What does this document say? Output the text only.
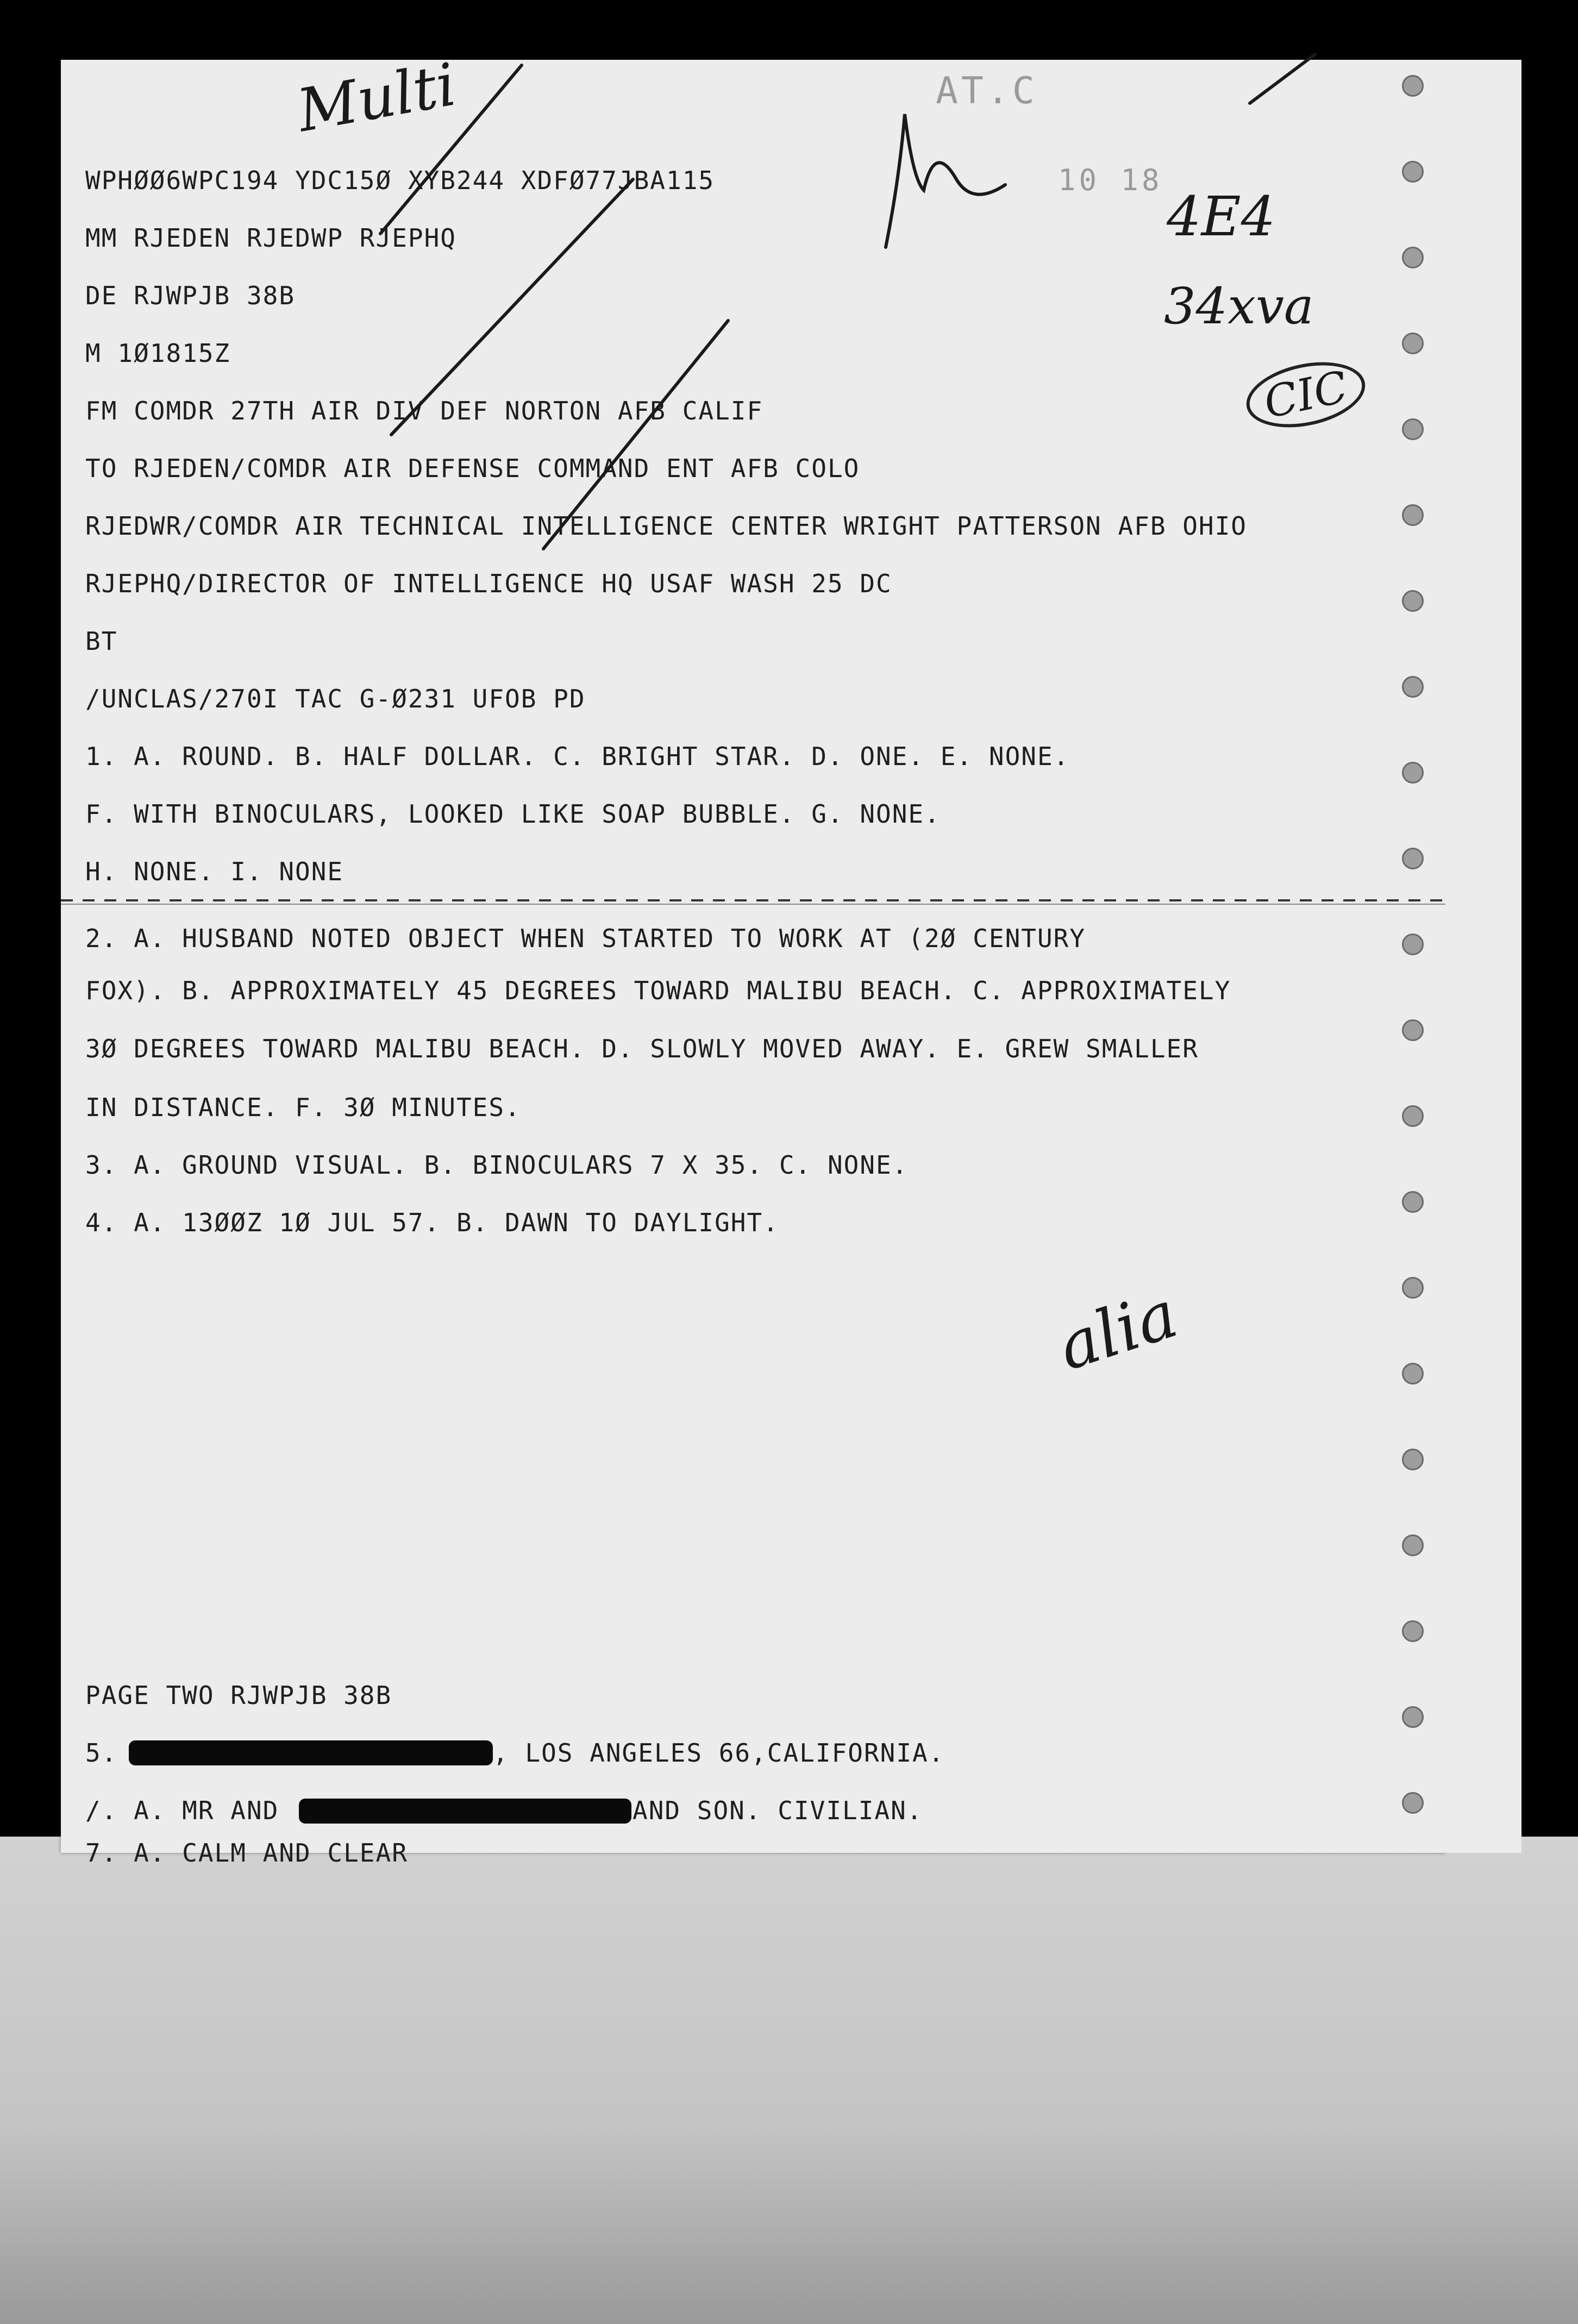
WPHØØ6WPC194 YDC15Ø XYB244 XDFØ77JBA115
MM RJEDEN RJEDWP RJEPHQ
DE RJWPJB 38B
M 1Ø1815Z
FM COMDR 27TH AIR DIV DEF NORTON AFB CALIF
TO RJEDEN/COMDR AIR DEFENSE COMMAND ENT AFB COLO
RJEDWR/COMDR AIR TECHNICAL INTELLIGENCE CENTER WRIGHT PATTERSON AFB OHIO
RJEPHQ/DIRECTOR OF INTELLIGENCE HQ USAF WASH 25 DC
BT
/UNCLAS/270I TAC G-Ø231 UFOB PD
1. A. ROUND. B. HALF DOLLAR. C. BRIGHT STAR. D. ONE. E. NONE.
F. WITH BINOCULARS, LOOKED LIKE SOAP BUBBLE. G. NONE.
H. NONE. I. NONE
2. A. HUSBAND NOTED OBJECT WHEN STARTED TO WORK AT (2Ø CENTURY
FOX). B. APPROXIMATELY 45 DEGREES TOWARD MALIBU BEACH. C. APPROXIMATELY
3Ø DEGREES TOWARD MALIBU BEACH. D. SLOWLY MOVED AWAY. E. GREW SMALLER
IN DISTANCE. F. 3Ø MINUTES.
3. A. GROUND VISUAL. B. BINOCULARS 7 X 35. C. NONE.
4. A. 13ØØZ 1Ø JUL 57. B. DAWN TO DAYLIGHT.
PAGE TWO RJWPJB 38B
5.	, LOS ANGELES 66,CALIFORNIA.
/. A. MR AND	AND SON. CIVILIAN.
7. A. CALM AND CLEAR
Multi	AT.C
10 18
4E4
34xva
CIC
alia
